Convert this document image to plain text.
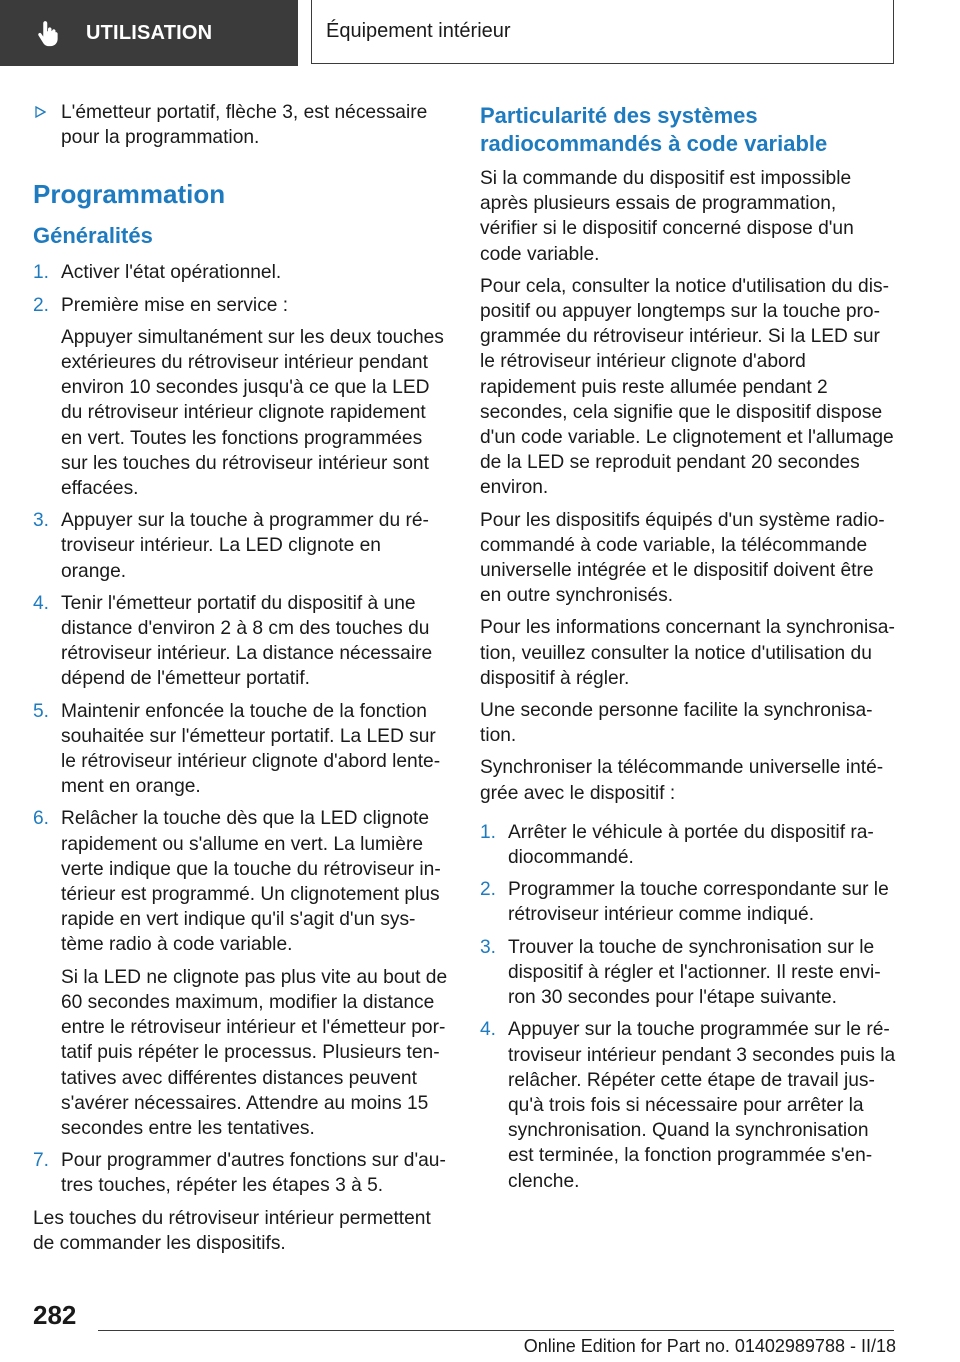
UTILISATION	Équipement intérieur
L'émetteur portatif, flèche 3, est nécessaire pour la programmation.
Programmation
Généralités
1. Activer l'état opérationnel.
2. Première mise en service :
Appuyer simultanément sur les deux touches extérieures du rétroviseur intérieur pendant environ 10 secondes jusqu'à ce que la LED du rétroviseur intérieur clignote rapidement en vert. Toutes les fonctions programmées sur les touches du rétroviseur intérieur sont effacées.
3. Appuyer sur la touche à programmer du rétroviseur intérieur. La LED clignote en orange.
4. Tenir l'émetteur portatif du dispositif à une distance d'environ 2 à 8 cm des touches du rétroviseur intérieur. La distance nécessaire dépend de l'émetteur portatif.
5. Maintenir enfoncée la touche de la fonction souhaitée sur l'émetteur portatif. La LED sur le rétroviseur intérieur clignote d'abord lentement en orange.
6. Relâcher la touche dès que la LED clignote rapidement ou s'allume en vert. La lumière verte indique que la touche du rétroviseur intérieur est programmé. Un clignotement plus rapide en vert indique qu'il s'agit d'un système radio à code variable.
Si la LED ne clignote pas plus vite au bout de 60 secondes maximum, modifier la distance entre le rétroviseur intérieur et l'émetteur portatif puis répéter le processus. Plusieurs tentatives avec différentes distances peuvent s'avérer nécessaires. Attendre au moins 15 secondes entre les tentatives.
7. Pour programmer d'autres fonctions sur d'autres touches, répéter les étapes 3 à 5.

Les touches du rétroviseur intérieur permettent de commander les dispositifs.

Particularité des systèmes radiocommandés à code variable

Si la commande du dispositif est impossible après plusieurs essais de programmation, vérifier si le dispositif concerné dispose d'un code variable.

Pour cela, consulter la notice d'utilisation du dispositif ou appuyer longtemps sur la touche programmée du rétroviseur intérieur. Si la LED sur le rétroviseur intérieur clignote d'abord rapidement puis reste allumée pendant 2 secondes, cela signifie que le dispositif dispose d'un code variable. Le clignotement et l'allumage de la LED se reproduit pendant 20 secondes environ.

Pour les dispositifs équipés d'un système radiocommandé à code variable, la télécommande universelle intégrée et le dispositif doivent être en outre synchronisés.

Pour les informations concernant la synchronisation, veuillez consulter la notice d'utilisation du dispositif à régler.

Une seconde personne facilite la synchronisation.

Synchroniser la télécommande universelle intégrée avec le dispositif :

1. Arrêter le véhicule à portée du dispositif radiocommandé.
2. Programmer la touche correspondante sur le rétroviseur intérieur comme indiqué.
3. Trouver la touche de synchronisation sur le dispositif à régler et l'actionner. Il reste environ 30 secondes pour l'étape suivante.
4. Appuyer sur la touche programmée sur le rétroviseur intérieur pendant 3 secondes puis la relâcher. Répéter cette étape de travail jusqu'à trois fois si nécessaire pour arrêter la synchronisation. Quand la synchronisation est terminée, la fonction programmée s'enclenche.
282
Online Edition for Part no. 01402989788 - II/18
